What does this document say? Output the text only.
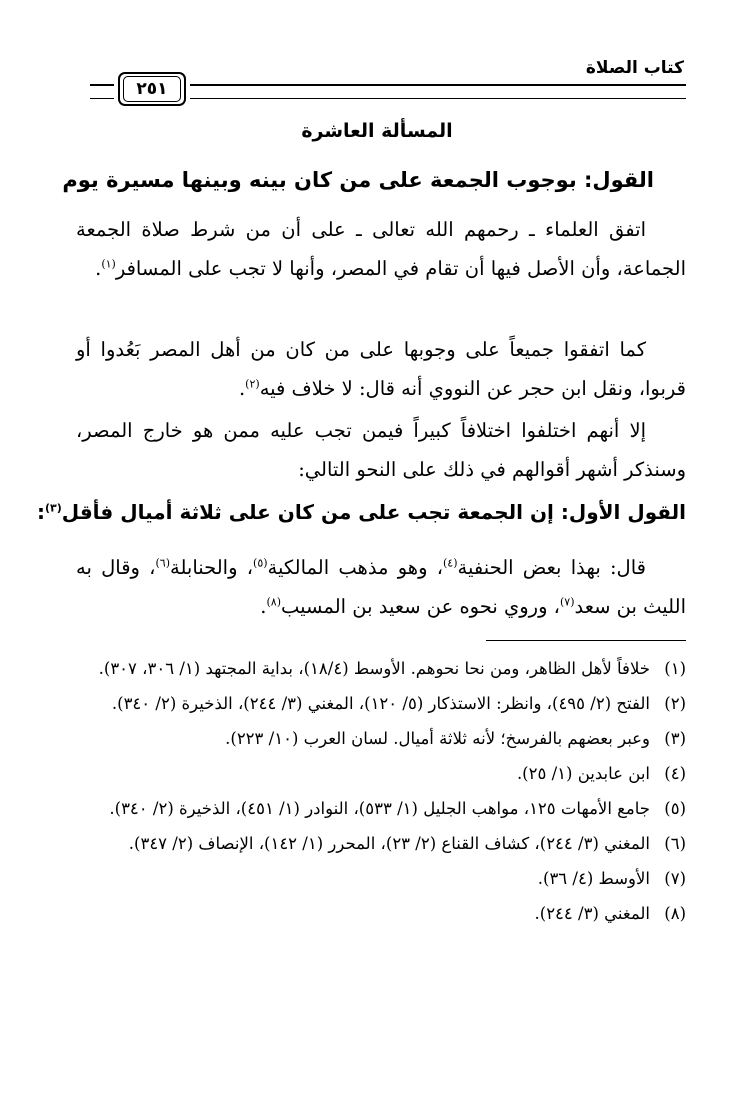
كتاب الصلاة
٢٥١
المسألة العاشرة
القول: بوجوب الجمعة على من كان بينه وبينها مسيرة يوم

اتفق العلماء ـ رحمهم الله تعالى ـ على أن من شرط صلاة الجمعة الجماعة، وأن الأصل فيها أن تقام في المصر، وأنها لا تجب على المسافر$^{(١)}$.

كما اتفقوا جميعاً على وجوبها على من كان من أهل المصر بَعُدوا أو قربوا، ونقل ابن حجر عن النووي أنه قال: لا خلاف فيه$^{(٢)}$.

إلا أنهم اختلفوا اختلافاً كبيراً فيمن تجب عليه ممن هو خارج المصر، وسنذكر أشهر أقوالهم في ذلك على النحو التالي:

القول الأول: إن الجمعة تجب على من كان على ثلاثة أميال فأقل$^{(٣)}$:

قال: بهذا بعض الحنفية$^{(٤)}$، وهو مذهب المالكية$^{(٥)}$، والحنابلة$^{(٦)}$، وقال به الليث بن سعد$^{(٧)}$، وروي نحوه عن سعيد بن المسيب$^{(٨)}$.

(١)
خلافاً لأهل الظاهر، ومن نحا نحوهم. الأوسط (١٨/٤)، بداية المجتهد (١/ ٣٠٦، ٣٠٧).
(٢)
الفتح (٢/ ٤٩٥)، وانظر: الاستذكار (٥/ ١٢٠)، المغني (٣/ ٢٤٤)، الذخيرة (٢/ ٣٤٠).
(٣)
وعبر بعضهم بالفرسخ؛ لأنه ثلاثة أميال. لسان العرب (١٠/ ٢٢٣).
(٤)
ابن عابدين (١/ ٢٥).
(٥)
جامع الأمهات ١٢٥، مواهب الجليل (١/ ٥٣٣)، النوادر (١/ ٤٥١)، الذخيرة (٢/ ٣٤٠).
(٦)
المغني (٣/ ٢٤٤)، كشاف القناع (٢/ ٢٣)، المحرر (١/ ١٤٢)، الإنصاف (٢/ ٣٤٧).
(٧)
الأوسط (٤/ ٣٦).
(٨)
المغني (٣/ ٢٤٤).
